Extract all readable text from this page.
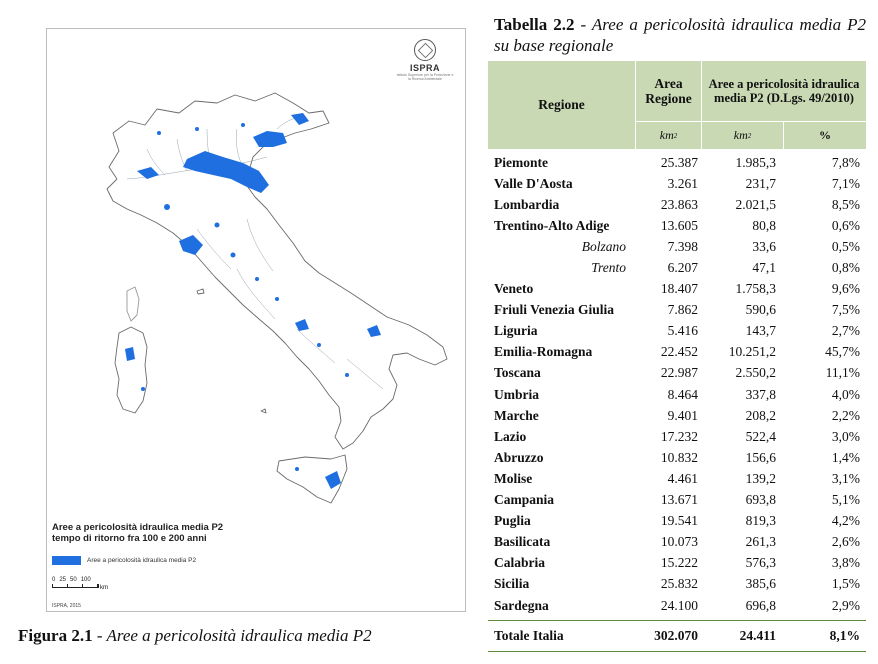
ISPRA
Istituto Superiore per la Protezione e la Ricerca Ambientale
Aree a pericolosità idraulica media P2
tempo di ritorno fra 100 e 200 anni
Aree a pericolosità idraulica media P2
0 25 50 100
km
ISPRA, 2015
Figura 2.1 - Aree a pericolosità idraulica media P2
Tabella 2.2 - Aree a pericolosità idraulica media P2 su base regionale
Regione
Area Regione
Aree a pericolosità idraulica media P2 (D.Lgs. 49/2010)
km 2	km 2	%
Piemonte	25.387	1.985,3	7,8%
Valle D'Aosta	3.261	231,7	7,1%
Lombardia	23.863	2.021,5	8,5%
Trentino-Alto Adige	13.605	80,8	0,6%
Bolzano	7.398	33,6	0,5%
Trento	6.207	47,1	0,8%
Veneto	18.407	1.758,3	9,6%
Friuli Venezia Giulia	7.862	590,6	7,5%
Liguria	5.416	143,7	2,7%
Emilia-Romagna	22.452	10.251,2	45,7%
Toscana	22.987	2.550,2	11,1%
Umbria	8.464	337,8	4,0%
Marche	9.401	208,2	2,2%
Lazio	17.232	522,4	3,0%
Abruzzo	10.832	156,6	1,4%
Molise	4.461	139,2	3,1%
Campania	13.671	693,8	5,1%
Puglia	19.541	819,3	4,2%
Basilicata	10.073	261,3	2,6%
Calabria	15.222	576,3	3,8%
Sicilia	25.832	385,6	1,5%
Sardegna	24.100	696,8	2,9%
Totale Italia	302.070	24.411	8,1%
